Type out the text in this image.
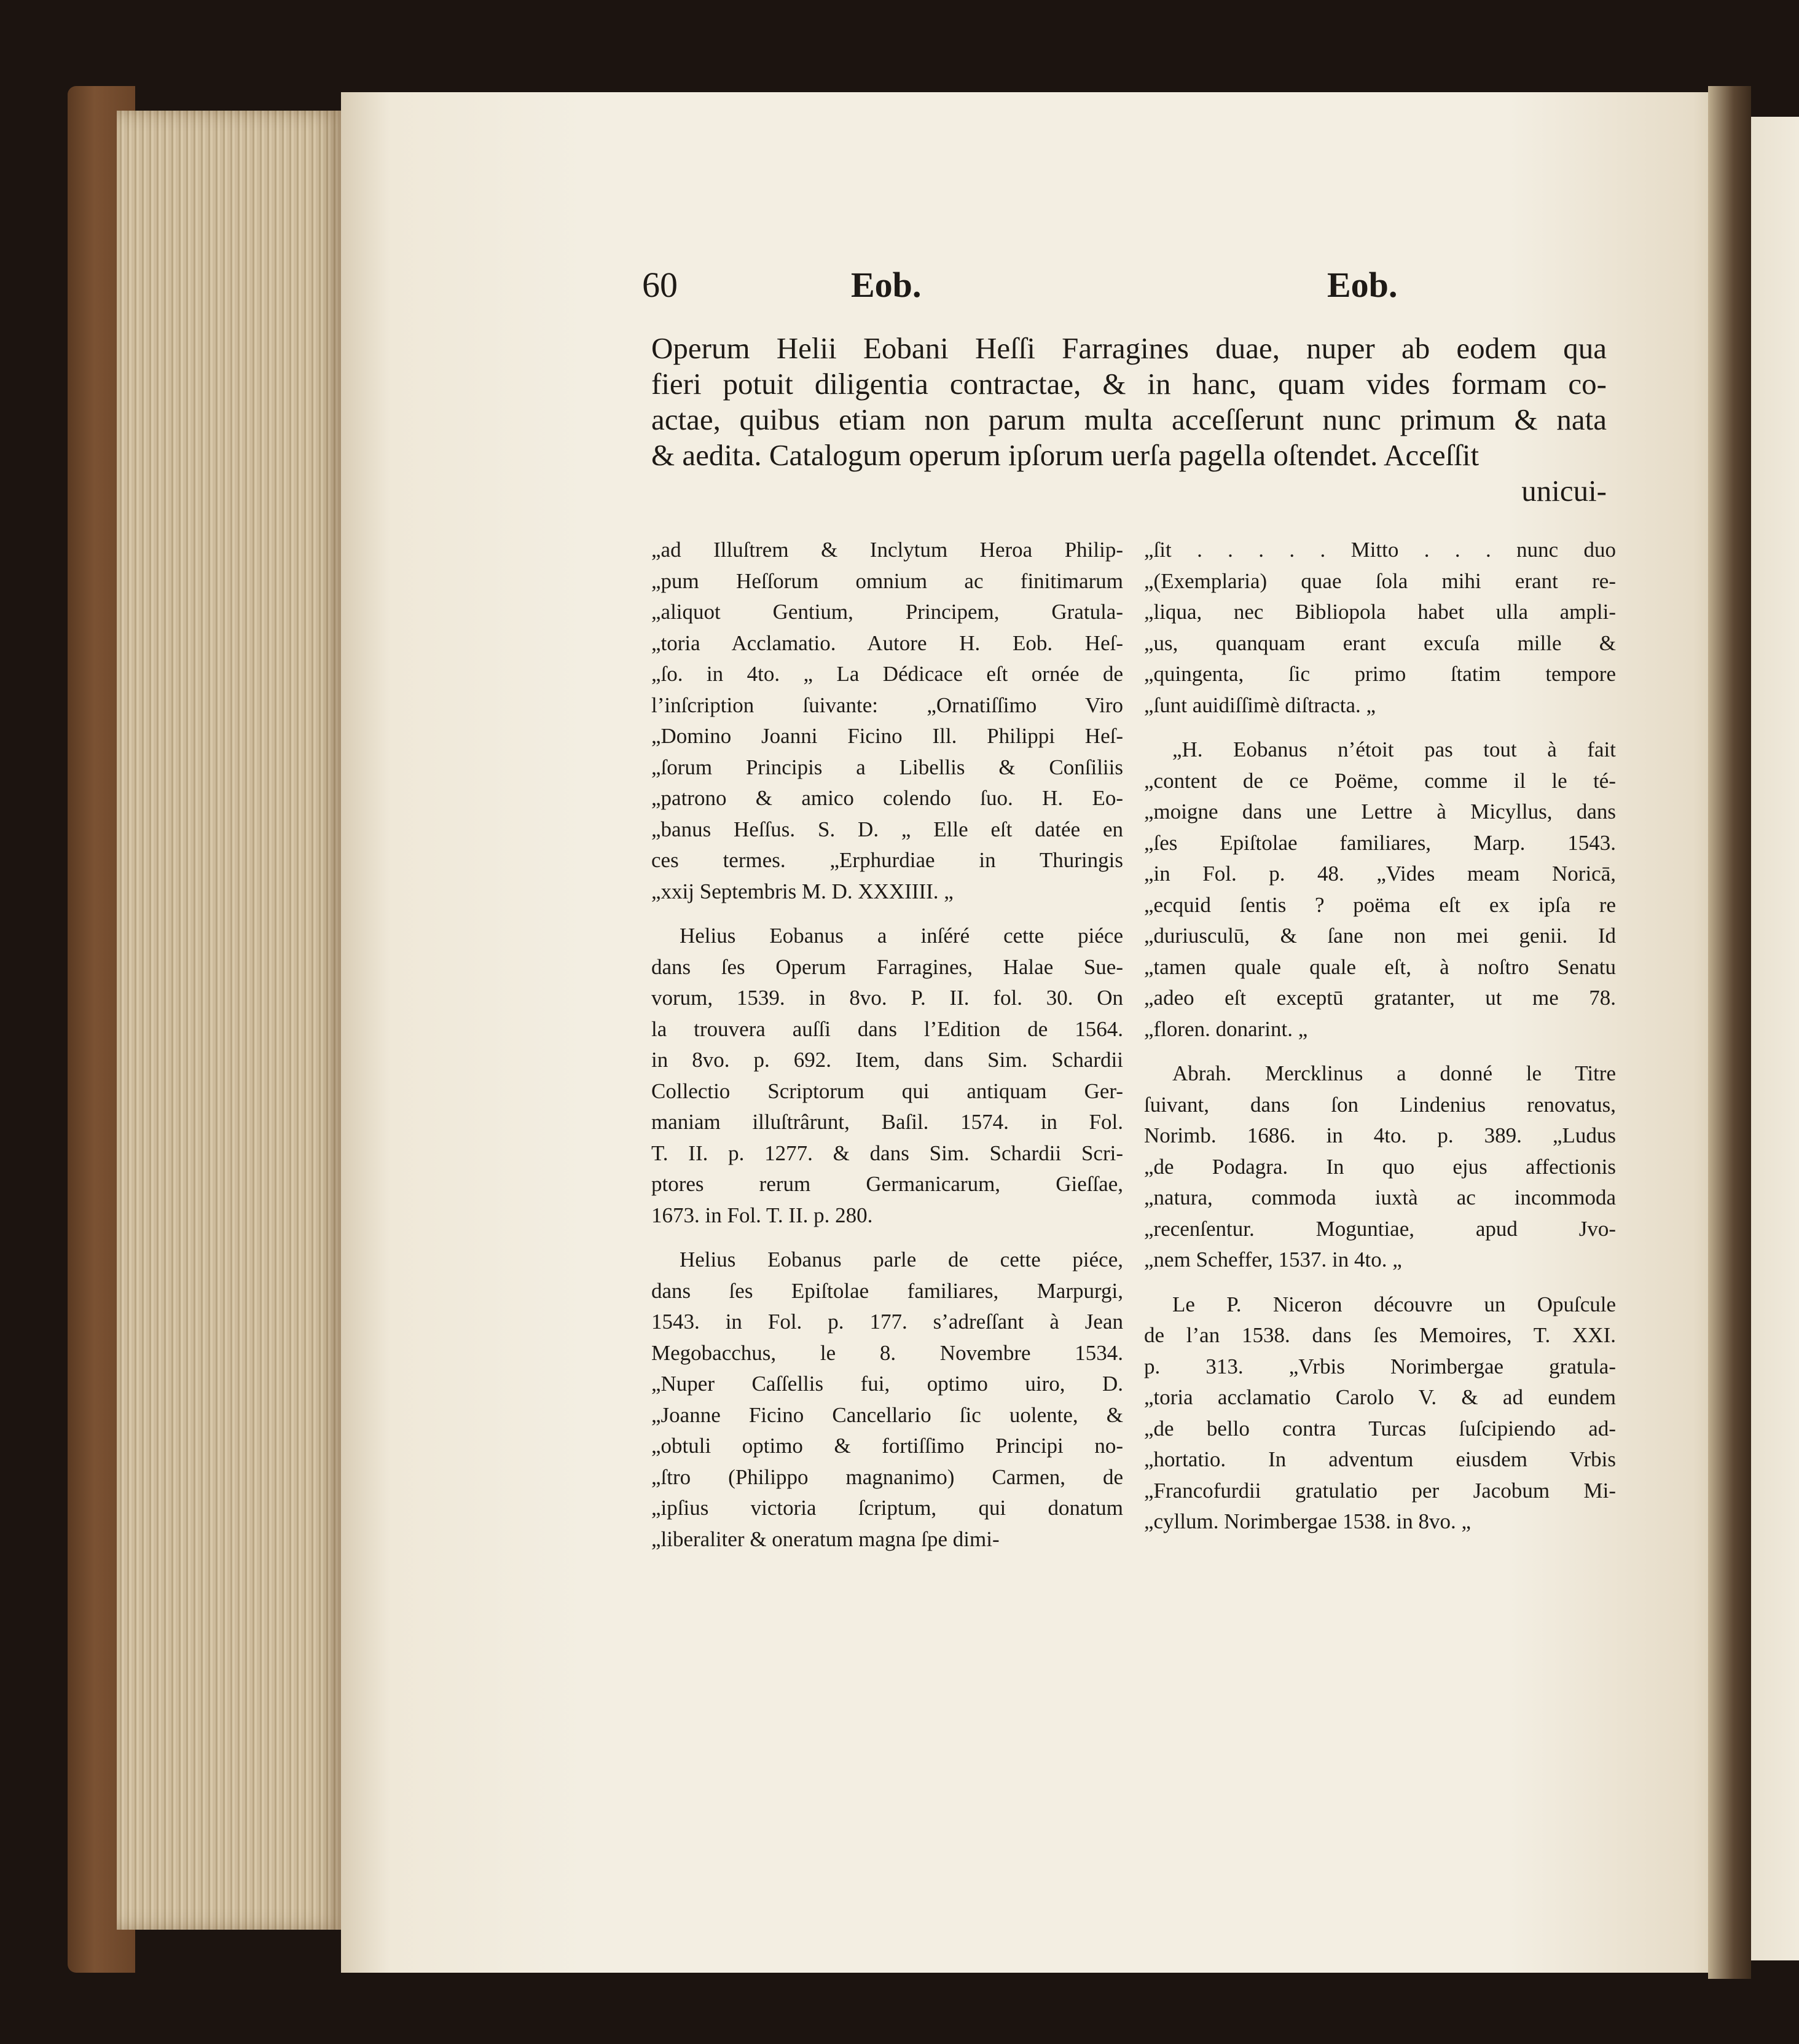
60	Eob.	Eob.
Operum Helii Eobani Heſſi Farragines duae, nuper ab eodem qua
fieri potuit diligentia contractae, & in hanc, quam vides formam co-
actae, quibus etiam non parum multa acceſſerunt nunc primum & nata
& aedita. Catalogum operum ipſorum uerſa pagella oſtendet. Acceſſit
unicui-
„ad Illuſtrem & Inclytum Heroa Philip-
„pum Heſſorum omnium ac finitimarum
„aliquot Gentium, Principem, Gratula-
„toria Acclamatio. Autore H. Eob. Heſ-
„ſo. in 4to. „ La Dédicace eſt ornée de
l’inſcription ſuivante: „Ornatiſſimo Viro
„Domino Joanni Ficino Ill. Philippi Heſ-
„ſorum Principis a Libellis & Conſiliis
„patrono & amico colendo ſuo. H. Eo-
„banus Heſſus. S. D. „ Elle eſt datée en
ces termes. „Erphurdiae in Thuringis
„xxij Septembris M. D. XXXIIII. „
Helius Eobanus a inſéré cette piéce
dans ſes Operum Farragines, Halae Sue-
vorum, 1539. in 8vo. P. II. fol. 30. On
la trouvera auſſi dans l’Edition de 1564.
in 8vo. p. 692. Item, dans Sim. Schardii
Collectio Scriptorum qui antiquam Ger-
maniam illuſtrârunt, Baſil. 1574. in Fol.
T. II. p. 1277. & dans Sim. Schardii Scri-
ptores rerum Germanicarum, Gieſſae,
1673. in Fol. T. II. p. 280.
Helius Eobanus parle de cette piéce,
dans ſes Epiſtolae familiares, Marpurgi,
1543. in Fol. p. 177. s’adreſſant à Jean
Megobacchus, le 8. Novembre 1534.
„Nuper Caſſellis fui, optimo uiro, D.
„Joanne Ficino Cancellario ſic uolente, &
„obtuli optimo & fortiſſimo Principi no-
„ſtro (Philippo magnanimo) Carmen, de
„ipſius victoria ſcriptum, qui donatum
„liberaliter & oneratum magna ſpe dimi-
„ſit . . . . . Mitto . . . nunc duo
„(Exemplaria) quae ſola mihi erant re-
„liqua, nec Bibliopola habet ulla ampli-
„us, quanquam erant excuſa mille &
„quingenta, ſic primo ſtatim tempore
„ſunt auidiſſimè diſtracta. „
„H. Eobanus n’étoit pas tout à fait
„content de ce Poëme, comme il le té-
„moigne dans une Lettre à Micyllus, dans
„ſes Epiſtolae familiares, Marp. 1543.
„in Fol. p. 48. „Vides meam Noricā,
„ecquid ſentis ? poëma eſt ex ipſa re
„duriusculū, & ſane non mei genii. Id
„tamen quale quale eſt, à noſtro Senatu
„adeo eſt exceptū gratanter, ut me 78.
„floren. donarint. „
Abrah. Mercklinus a donné le Titre
ſuivant, dans ſon Lindenius renovatus,
Norimb. 1686. in 4to. p. 389. „Ludus
„de Podagra. In quo ejus affectionis
„natura, commoda iuxtà ac incommoda
„recenſentur. Moguntiae, apud Jvo-
„nem Scheffer, 1537. in 4to. „
Le P. Niceron découvre un Opuſcule
de l’an 1538. dans ſes Memoires, T. XXI.
p. 313. „Vrbis Norimbergae gratula-
„toria acclamatio Carolo V. & ad eundem
„de bello contra Turcas ſuſcipiendo ad-
„hortatio. In adventum eiusdem Vrbis
„Francofurdii gratulatio per Jacobum Mi-
„cyllum. Norimbergae 1538. in 8vo. „
